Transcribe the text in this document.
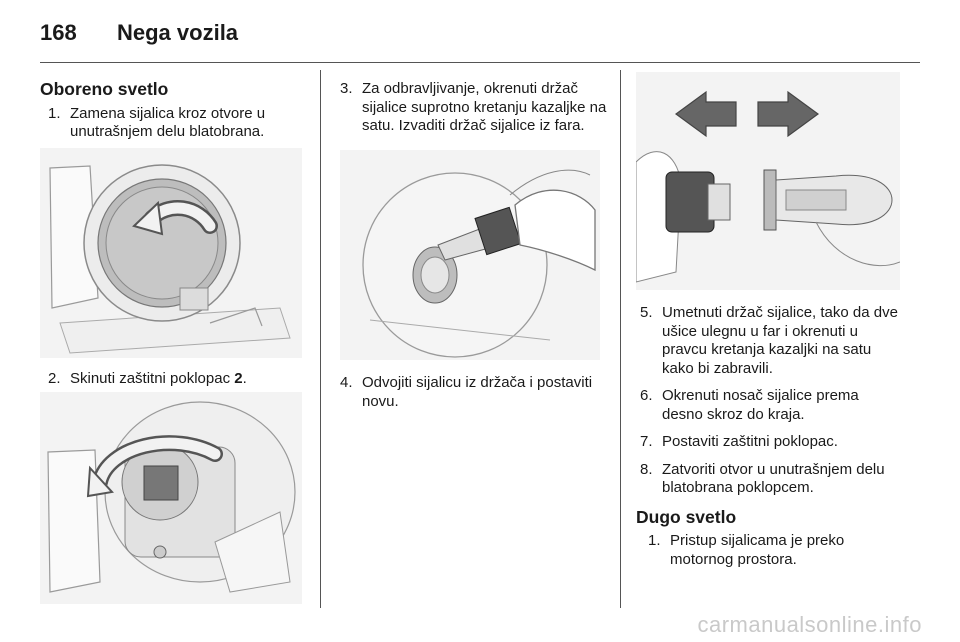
168 Nega vozila
Oboreno svetlo
1. Zamena sijalica kroz otvore u unutrašnjem delu blatobrana.
2. Skinuti zaštitni poklopac 2.
3. Za odbravljivanje, okrenuti držač sijalice suprotno kretanju kazaljke na satu. Izvaditi držač sijalice iz fara.
4. Odvojiti sijalicu iz držača i postaviti novu.
5. Umetnuti držač sijalice, tako da dve ušice ulegnu u far i okrenuti u pravcu kretanja kazaljki na satu kako bi zabravili.
6. Okrenuti nosač sijalice prema desno skroz do kraja.
7. Postaviti zaštitni poklopac.
8. Zatvoriti otvor u unutrašnjem delu blatobrana poklopcem.
Dugo svetlo
1. Pristup sijalicama je preko motornog prostora.
carmanualsonline.info
